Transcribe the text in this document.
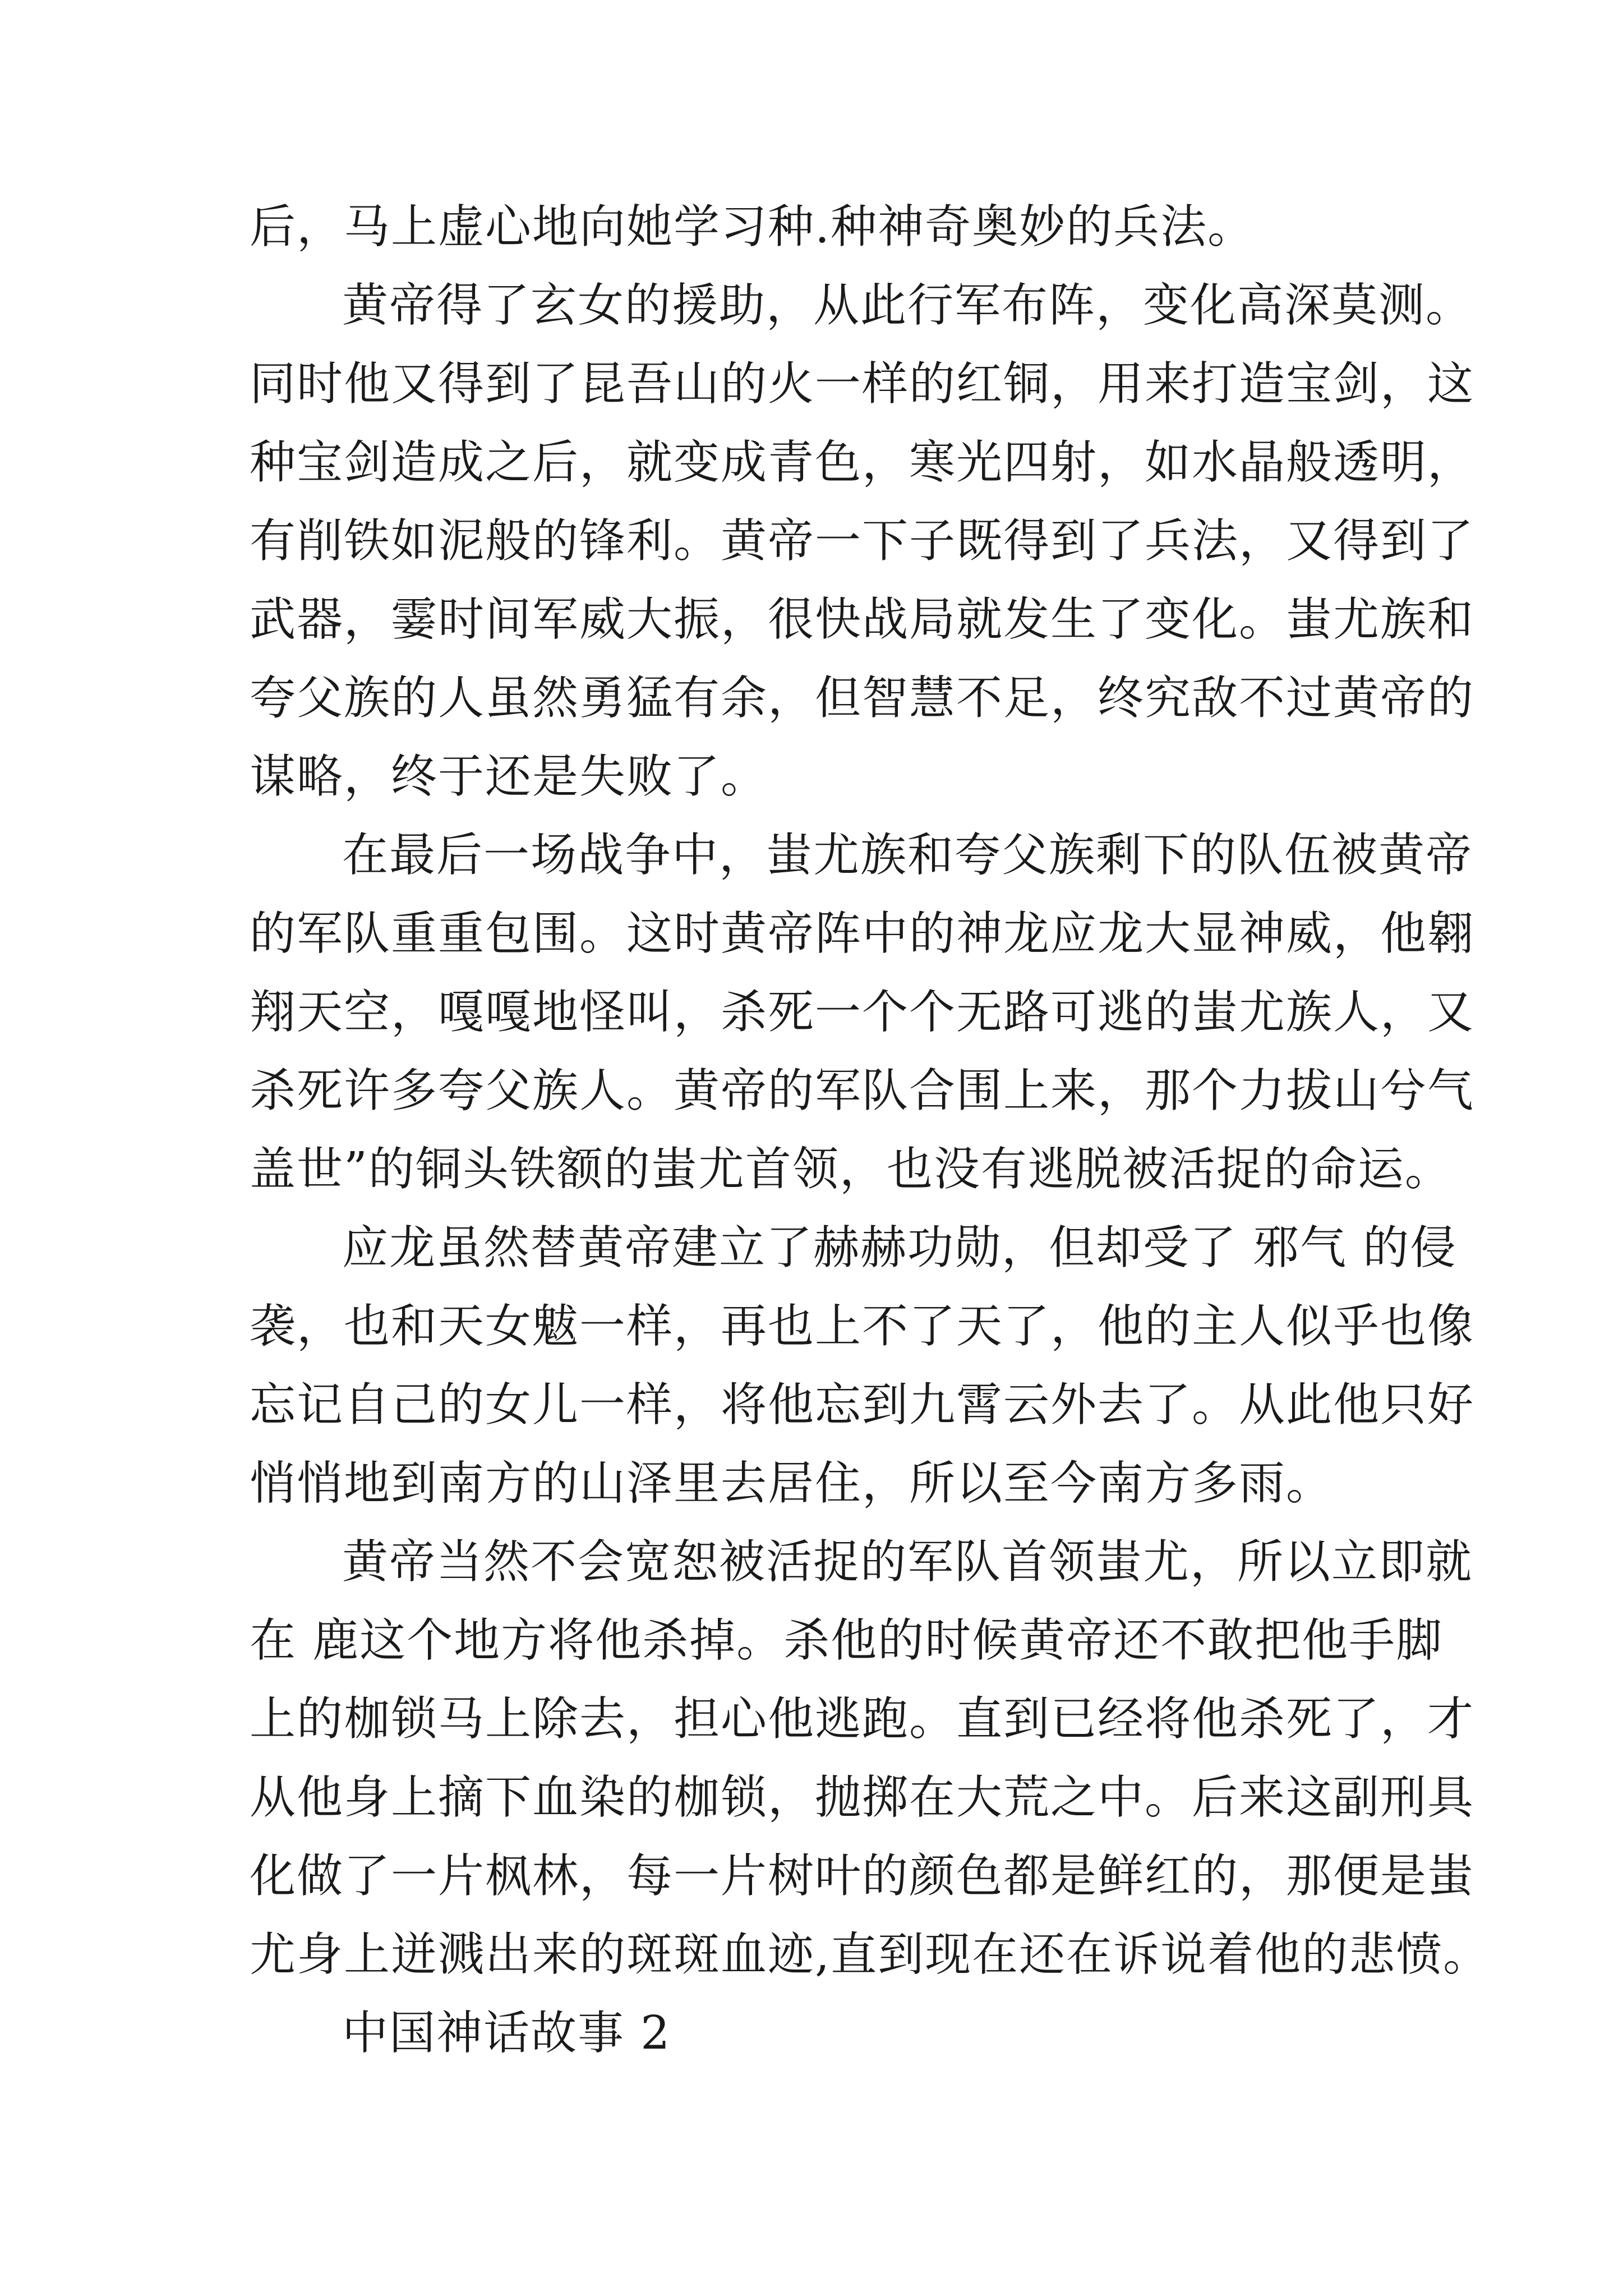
后，马上虚心地向她学习种.种神奇奥妙的兵法。
黄帝得了玄女的援助，从此行军布阵，变化高深莫测。
同时他又得到了昆吾山的火一样的红铜，用来打造宝剑，这
种宝剑造成之后，就变成青色，寒光四射，如水晶般透明，
有削铁如泥般的锋利。黄帝一下子既得到了兵法，又得到了
武器，霎时间军威大振，很快战局就发生了变化。蚩尤族和
夸父族的人虽然勇猛有余，但智慧不足，终究敌不过黄帝的
谋略，终于还是失败了。
在最后一场战争中，蚩尤族和夸父族剩下的队伍被黄帝
的军队重重包围。这时黄帝阵中的神龙应龙大显神威，他翱
翔天空，嘎嘎地怪叫，杀死一个个无路可逃的蚩尤族人，又
杀死许多夸父族人。黄帝的军队合围上来，那个力拔山兮气
盖世”的铜头铁额的蚩尤首领，也没有逃脱被活捉的命运。
应龙虽然替黄帝建立了赫赫功勋，但却受了 邪气 的侵
袭，也和天女魃一样，再也上不了天了，他的主人似乎也像
忘记自己的女儿一样，将他忘到九霄云外去了。从此他只好
悄悄地到南方的山泽里去居住，所以至今南方多雨。
黄帝当然不会宽恕被活捉的军队首领蚩尤，所以立即就
在 鹿这个地方将他杀掉。杀他的时候黄帝还不敢把他手脚
上的枷锁马上除去，担心他逃跑。直到已经将他杀死了，才
从他身上摘下血染的枷锁，抛掷在大荒之中。后来这副刑具
化做了一片枫林，每一片树叶的颜色都是鲜红的，那便是蚩
尤身上迸溅出来的斑斑血迹,直到现在还在诉说着他的悲愤。
中国神话故事 2
